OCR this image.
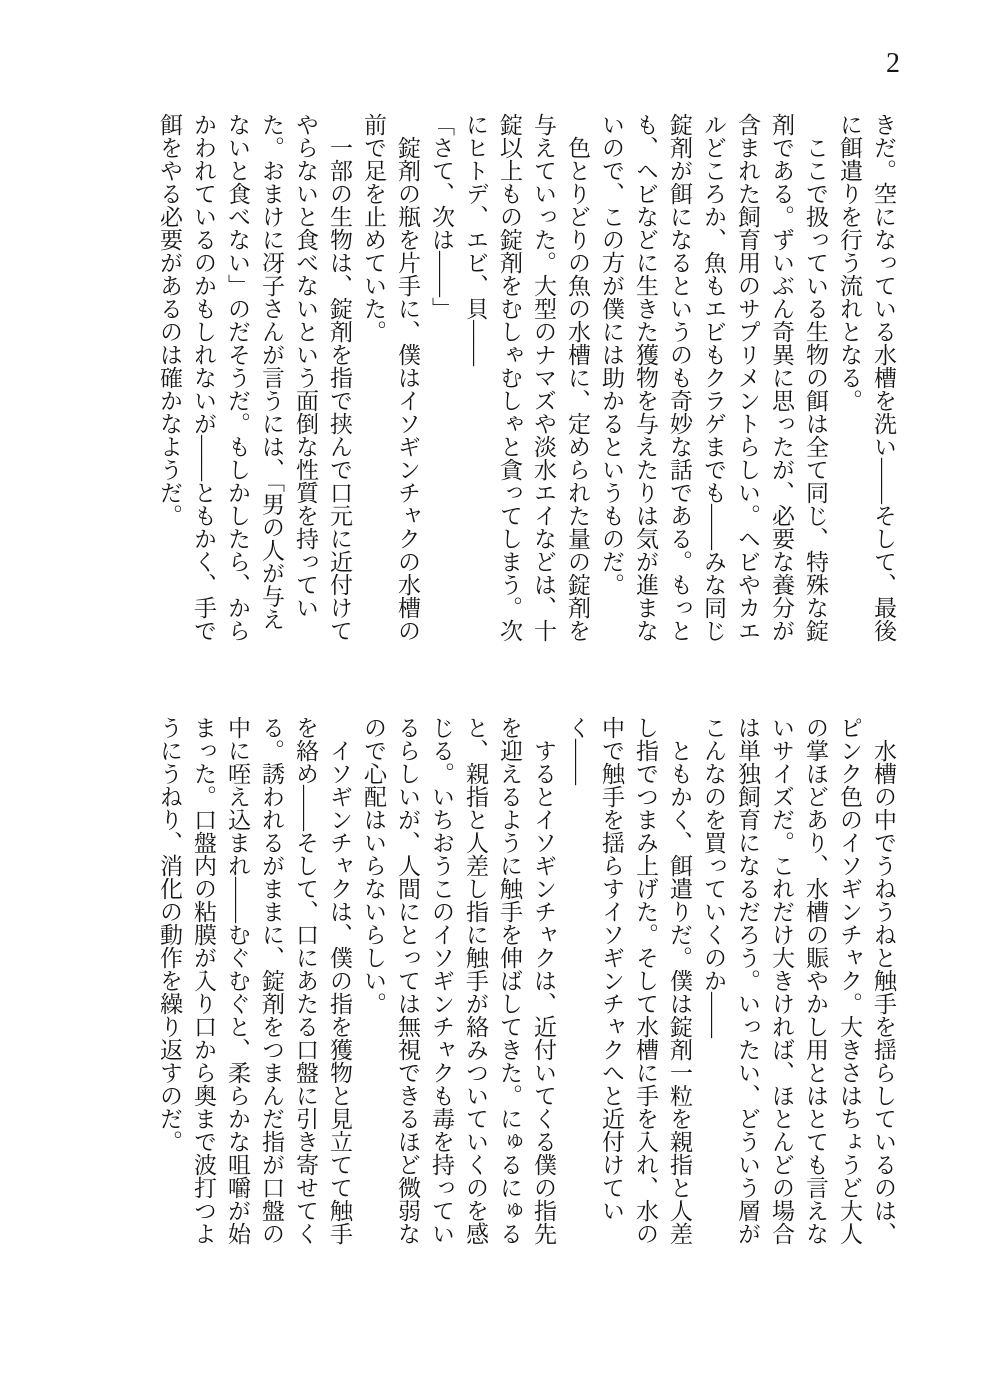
2

きだ。空になっている水槽を洗い——そして、最後に餌遣りを行う流れとなる。

ここで扱っている生物の餌は全て同じ、特殊な錠剤である。ずいぶん奇異に思ったが、必要な養分が含まれた飼育用のサプリメントらしい。ヘビやカエルどころか、魚もエビもクラゲまでも——みな同じ錠剤が餌になるというのも奇妙な話である。もっとも、ヘビなどに生きた獲物を与えたりは気が進まないので、この方が僕には助かるというものだ。

色とりどりの魚の水槽に、定められた量の錠剤を与えていった。大型のナマズや淡水エイなどは、十錠以上もの錠剤をむしゃむしゃと貪ってしまう。次にヒトデ、エビ、貝——

「さて、次は——」

錠剤の瓶を片手に、僕はイソギンチャクの水槽の前で足を止めていた。

一部の生物は、錠剤を指で挟んで口元に近付けてやらないと食べないという面倒な性質を持っていた。おまけに冴子さんが言うには、「男の人が与えないと食べない」のだそうだ。もしかしたら、からかわれているのかもしれないが——ともかく、手で餌をやる必要があるのは確かなようだ。

水槽の中でうねうねと触手を揺らしているのは、ピンク色のイソギンチャク。大きさはちょうど大人の掌ほどあり、水槽の賑やかし用とはとても言えないサイズだ。これだけ大きければ、ほとんどの場合は単独飼育になるだろう。いったい、どういう層がこんなのを買っていくのか——

ともかく、餌遣りだ。僕は錠剤一粒を親指と人差し指でつまみ上げた。そして水槽に手を入れ、水の中で触手を揺らすイソギンチャクへと近付けていく⁠——

するとイソギンチャクは、近付いてくる僕の指先を迎えるように触手を伸ばしてきた。にゅるにゅると、親指と人差し指に触手が絡みついていくのを感じる。いちおうこのイソギンチャクも毒を持っているらしいが、人間にとっては無視できるほど微弱なので心配はいらないらしい。

イソギンチャクは、僕の指を獲物と見立てて触手を絡め——そして、口にあたる口盤に引き寄せてくる。誘われるがままに、錠剤をつまんだ指が口盤の中に咥え込まれ——むぐむぐと、柔らかな咀嚼が始まった。口盤内の粘膜が入り口から奥まで波打つようにうねり、消化の動作を繰り返すのだ。
